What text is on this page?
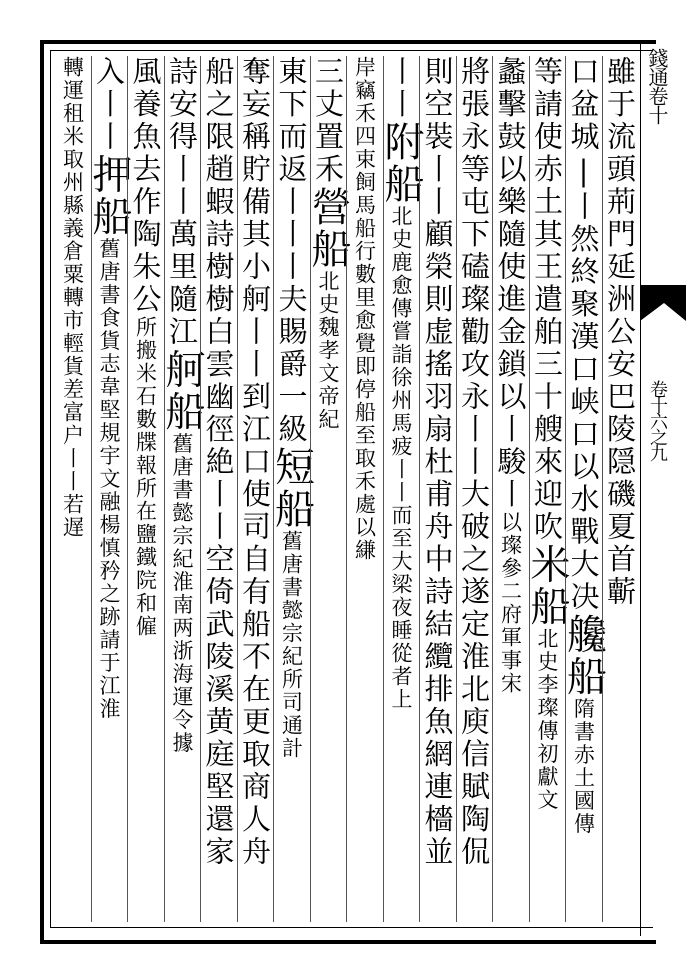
錢通卷十
卷十六之九
雖于流頭荊門延洲公安巴陵隠磯夏首蘄
口盆城|丨然終聚漢口峡口以水戰大决艬船隋書赤土國傳
等請使赤土其王遣舶三十艘來迎吹米船北史李璨傳初獻文
蠡擊鼓以樂隨使進金鎖以丨駿丨以璨參二府軍事宋
將張永等屯下磕璨勸攻永丨丨大破之遂定淮北庾信賦陶侃
則空裝丨丨顧榮則虚搖羽扇杜甫舟中詩結纜排魚網連檣並
丨丨附船北史鹿愈傳嘗詣徐州馬疲丨丨而至大梁夜睡從者上
岸竊禾四束飼馬船行數里愈覺即停船至取禾處以縑
三丈置禾營船北史魏孝文帝紀
東下而返丨丨丨夫賜爵一級短船舊唐書懿宗紀所司通計
奪妄稱貯備其小舸丨丨到江口使司自有船不在更取商人舟
船之限趙蝦詩樹樹白雲幽徑絶丨丨空倚武陵溪黄庭堅還家
詩安得丨丨萬里隨江舸船舊唐書懿宗紀淮南两浙海運令據
風養魚去作陶朱公所搬米石數牒報所在鹽鐵院和僱
入丨丨押船舊唐書食貨志韋堅規宇文融楊慎矜之跡請于江淮
轉運租米取州縣義倉粟轉市輕貨差富户丨丨若遅
